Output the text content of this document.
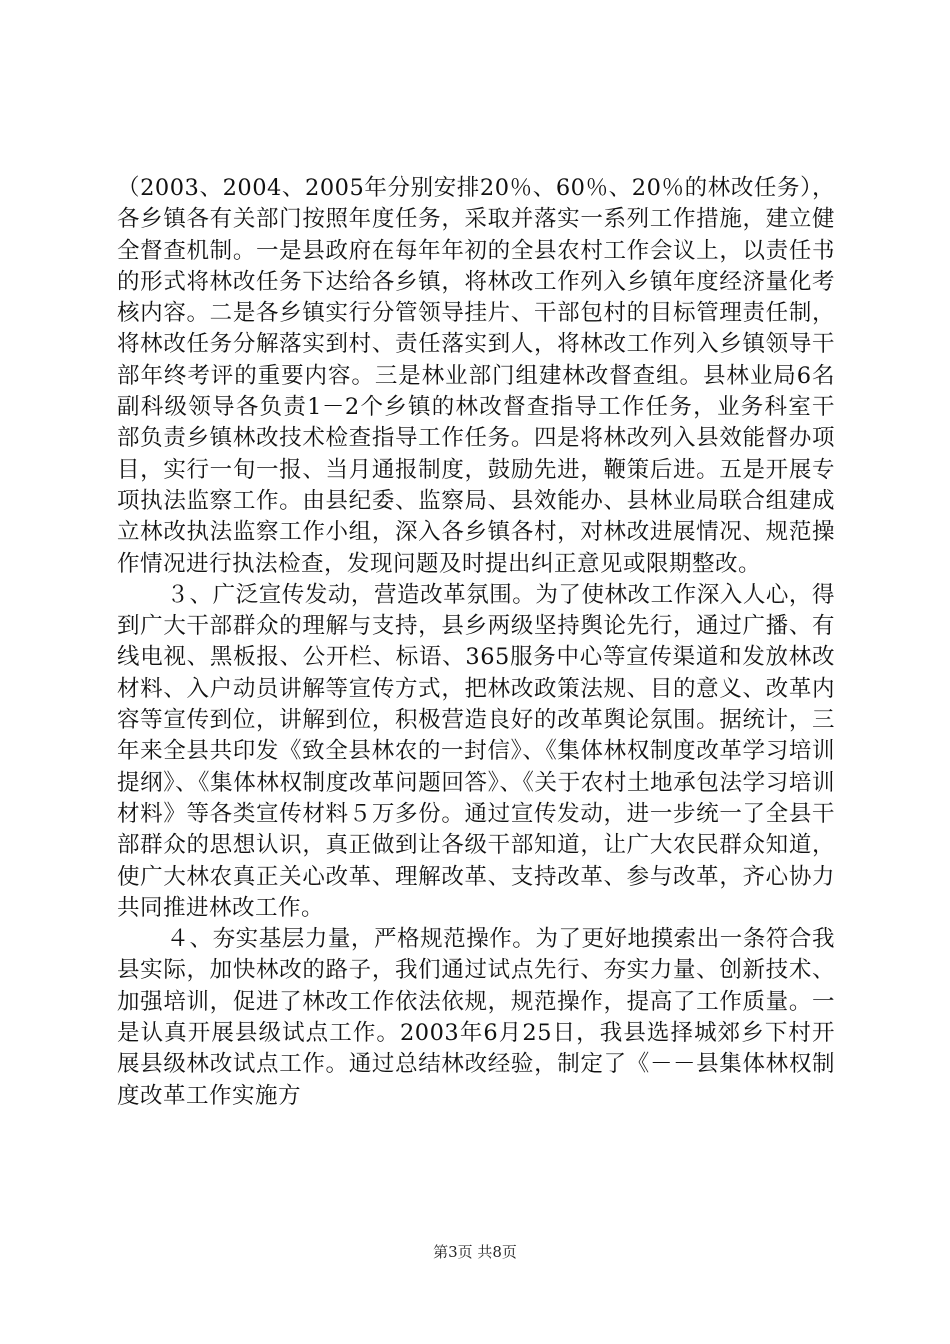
（2003、2004、2005年分别安排20％、60％、20％的林改任务），各乡镇各有关部门按照年度任务，采取并落实一系列工作措施，建立健全督查机制。一是县政府在每年年初的全县农村工作会议上，以责任书的形式将林改任务下达给各乡镇，将林改工作列入乡镇年度经济量化考核内容。二是各乡镇实行分管领导挂片、干部包村的目标管理责任制，将林改任务分解落实到村、责任落实到人，将林改工作列入乡镇领导干部年终考评的重要内容。三是林业部门组建林改督查组。县林业局6名副科级领导各负责1－2个乡镇的林改督查指导工作任务，业务科室干部负责乡镇林改技术检查指导工作任务。四是将林改列入县效能督办项目，实行一旬一报、当月通报制度，鼓励先进，鞭策后进。五是开展专项执法监察工作。由县纪委、监察局、县效能办、县林业局联合组建成立林改执法监察工作小组，深入各乡镇各村，对林改进展情况、规范操作情况进行执法检查，发现问题及时提出纠正意见或限期整改。

３、广泛宣传发动，营造改革氛围。为了使林改工作深入人心，得到广大干部群众的理解与支持，县乡两级坚持舆论先行，通过广播、有线电视、黑板报、公开栏、标语、365服务中心等宣传渠道和发放林改材料、入户动员讲解等宣传方式，把林改政策法规、目的意义、改革内容等宣传到位，讲解到位，积极营造良好的改革舆论氛围。据统计，三年来全县共印发《致全县林农的一封信》、《集体林权制度改革学习培训提纲》、《集体林权制度改革问题回答》、《关于农村土地承包法学习培训材料》等各类宣传材料５万多份。通过宣传发动，进一步统一了全县干部群众的思想认识，真正做到让各级干部知道，让广大农民群众知道，使广大林农真正关心改革、理解改革、支持改革、参与改革，齐心协力共同推进林改工作。

４、夯实基层力量，严格规范操作。为了更好地摸索出一条符合我县实际，加快林改的路子，我们通过试点先行、夯实力量、创新技术、加强培训，促进了林改工作依法依规，规范操作，提高了工作质量。一是认真开展县级试点工作。2003年6月25日，我县选择城郊乡下村开展县级林改试点工作。通过总结林改经验，制定了《－－县集体林权制度改革工作实施方

第3页 共8页
